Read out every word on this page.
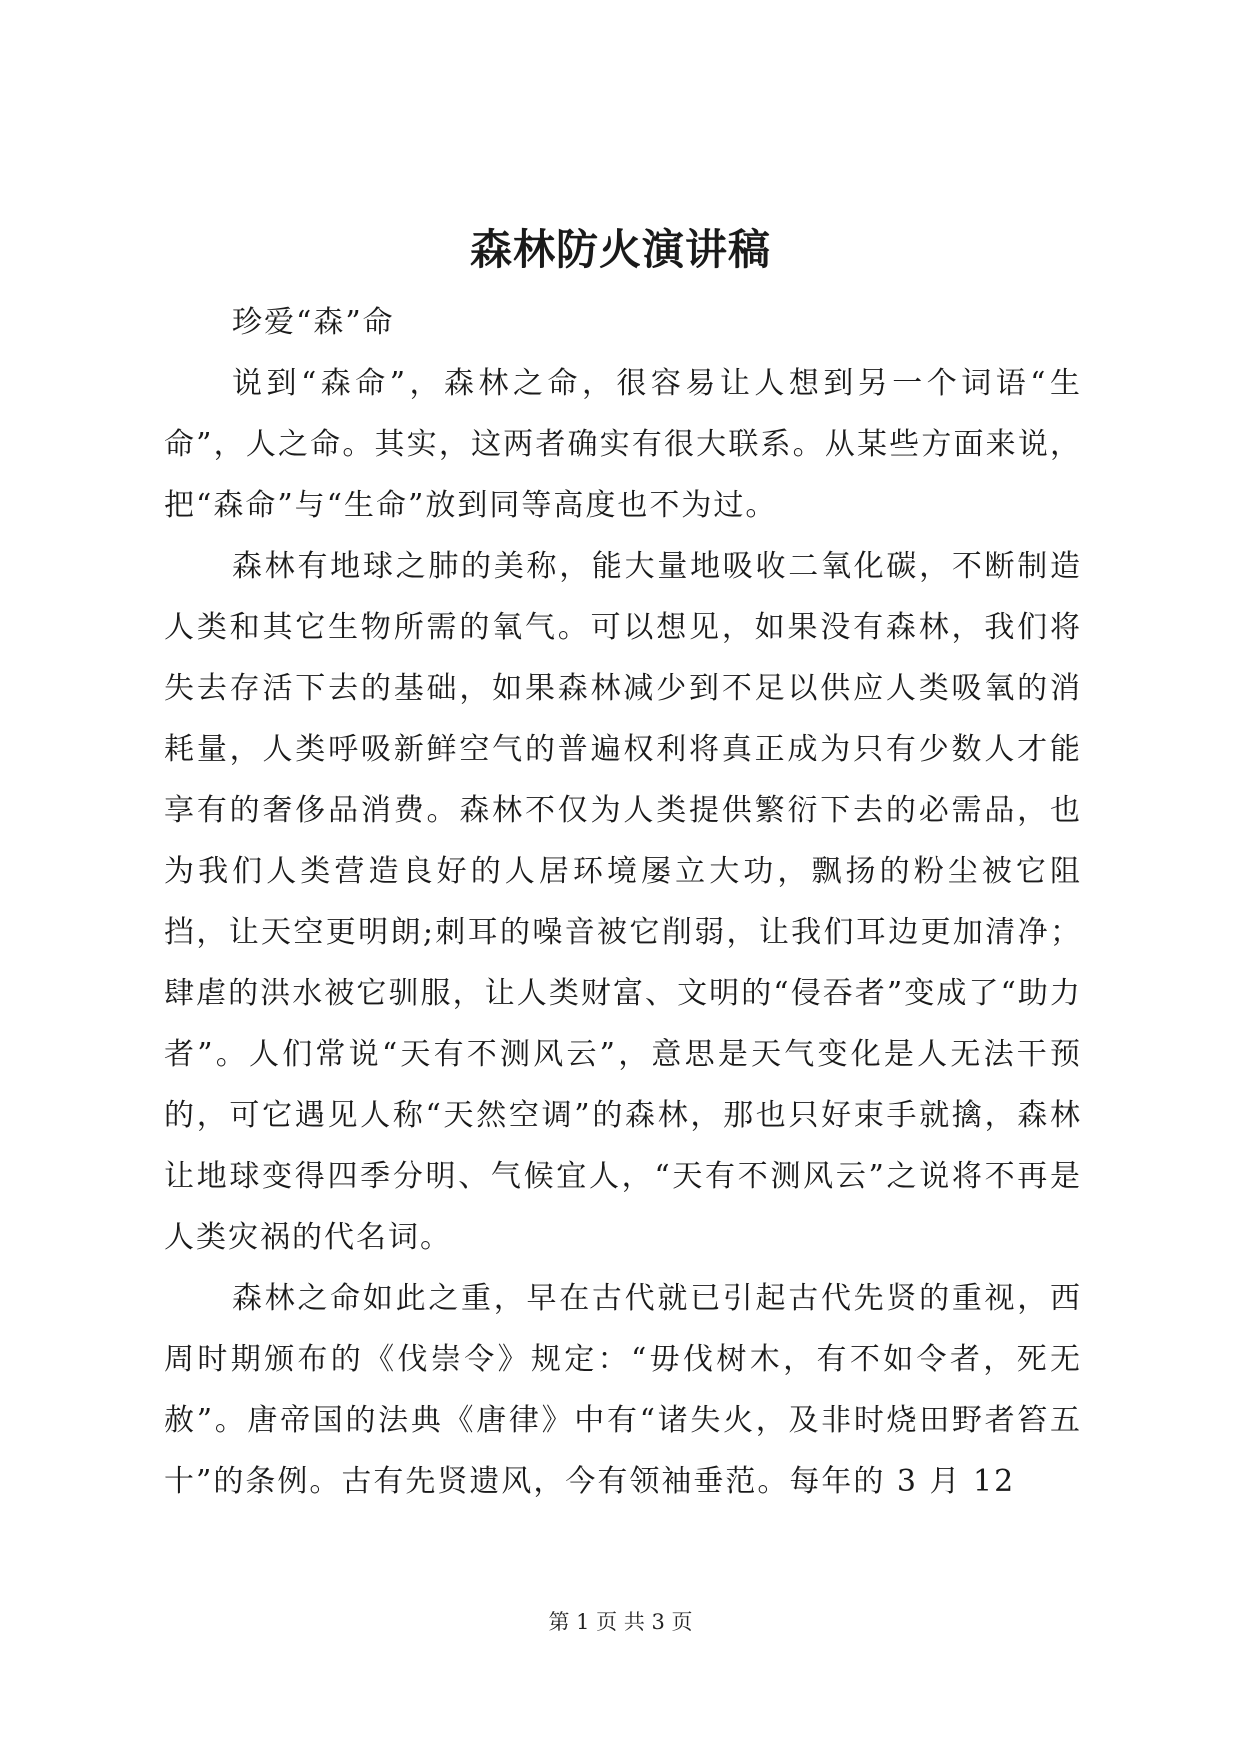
森林防火演讲稿

珍爱“森”命

说到“森命”，森林之命，很容易让人想到另一个词语“生命”，人之命。其实，这两者确实有很大联系。从某些方面来说，把“森命”与“生命”放到同等高度也不为过。

森林有地球之肺的美称，能大量地吸收二氧化碳，不断制造人类和其它生物所需的氧气。可以想见，如果没有森林，我们将失去存活下去的基础，如果森林减少到不足以供应人类吸氧的消耗量，人类呼吸新鲜空气的普遍权利将真正成为只有少数人才能享有的奢侈品消费。森林不仅为人类提供繁衍下去的必需品，也为我们人类营造良好的人居环境屡立大功，飘扬的粉尘被它阻挡，让天空更明朗;刺耳的噪音被它削弱，让我们耳边更加清净；肆虐的洪水被它驯服，让人类财富、文明的“侵吞者”变成了“助力者”。人们常说“天有不测风云”，意思是天气变化是人无法干预的，可它遇见人称“天然空调”的森林，那也只好束手就擒，森林让地球变得四季分明、气候宜人，“天有不测风云”之说将不再是人类灾祸的代名词。

森林之命如此之重，早在古代就已引起古代先贤的重视，西周时期颁布的《伐崇令》规定：“毋伐树木，有不如令者，死无赦”。唐帝国的法典《唐律》中有“诸失火，及非时烧田野者笞五十”的条例。古有先贤遗风，今有领袖垂范。每年的 3 月 12

第 1 页 共 3 页
